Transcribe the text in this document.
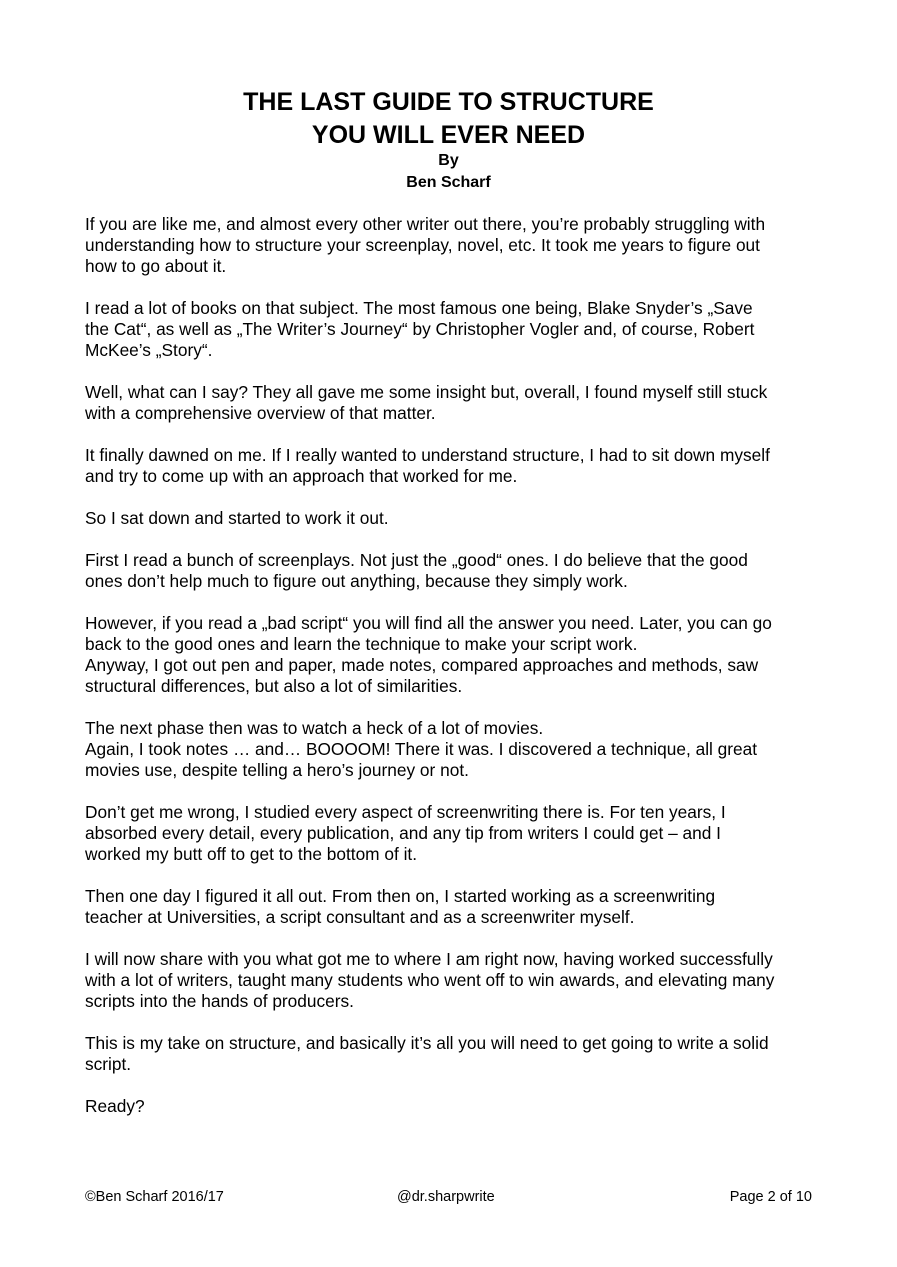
THE LAST GUIDE TO STRUCTURE
YOU WILL EVER NEED
By
Ben Scharf

If you are like me, and almost every other writer out there, you’re probably struggling with
understanding how to structure your screenplay, novel, etc. It took me years to figure out
how to go about it.

I read a lot of books on that subject. The most famous one being, Blake Snyder’s „Save
the Cat“, as well as „The Writer’s Journey“ by Christopher Vogler and, of course, Robert
McKee’s „Story“.

Well, what can I say? They all gave me some insight but, overall, I found myself still stuck
with a comprehensive overview of that matter.

It finally dawned on me. If I really wanted to understand structure, I had to sit down myself
and try to come up with an approach that worked for me.

So I sat down and started to work it out.

First I read a bunch of screenplays. Not just the „good“ ones. I do believe that the good
ones don’t help much to figure out anything, because they simply work.

However, if you read a „bad script“ you will find all the answer you need. Later, you can go
back to the good ones and learn the technique to make your script work.
Anyway, I got out pen and paper, made notes, compared approaches and methods, saw
structural differences, but also a lot of similarities.

The next phase then was to watch a heck of a lot of movies.
Again, I took notes … and… BOOOOM! There it was. I discovered a technique, all great
movies use, despite telling a hero’s journey or not.

Don’t get me wrong, I studied every aspect of screenwriting there is. For ten years, I
absorbed every detail, every publication, and any tip from writers I could get – and I
worked my butt off to get to the bottom of it.

Then one day I figured it all out. From then on, I started working as a screenwriting
teacher at Universities, a script consultant and as a screenwriter myself.

I will now share with you what got me to where I am right now, having worked successfully
with a lot of writers, taught many students who went off to win awards, and elevating many
scripts into the hands of producers.

This is my take on structure, and basically it’s all you will need to get going to write a solid
script.

Ready?

©Ben Scharf 2016/17	@dr.sharpwrite	Page 2 of 10
